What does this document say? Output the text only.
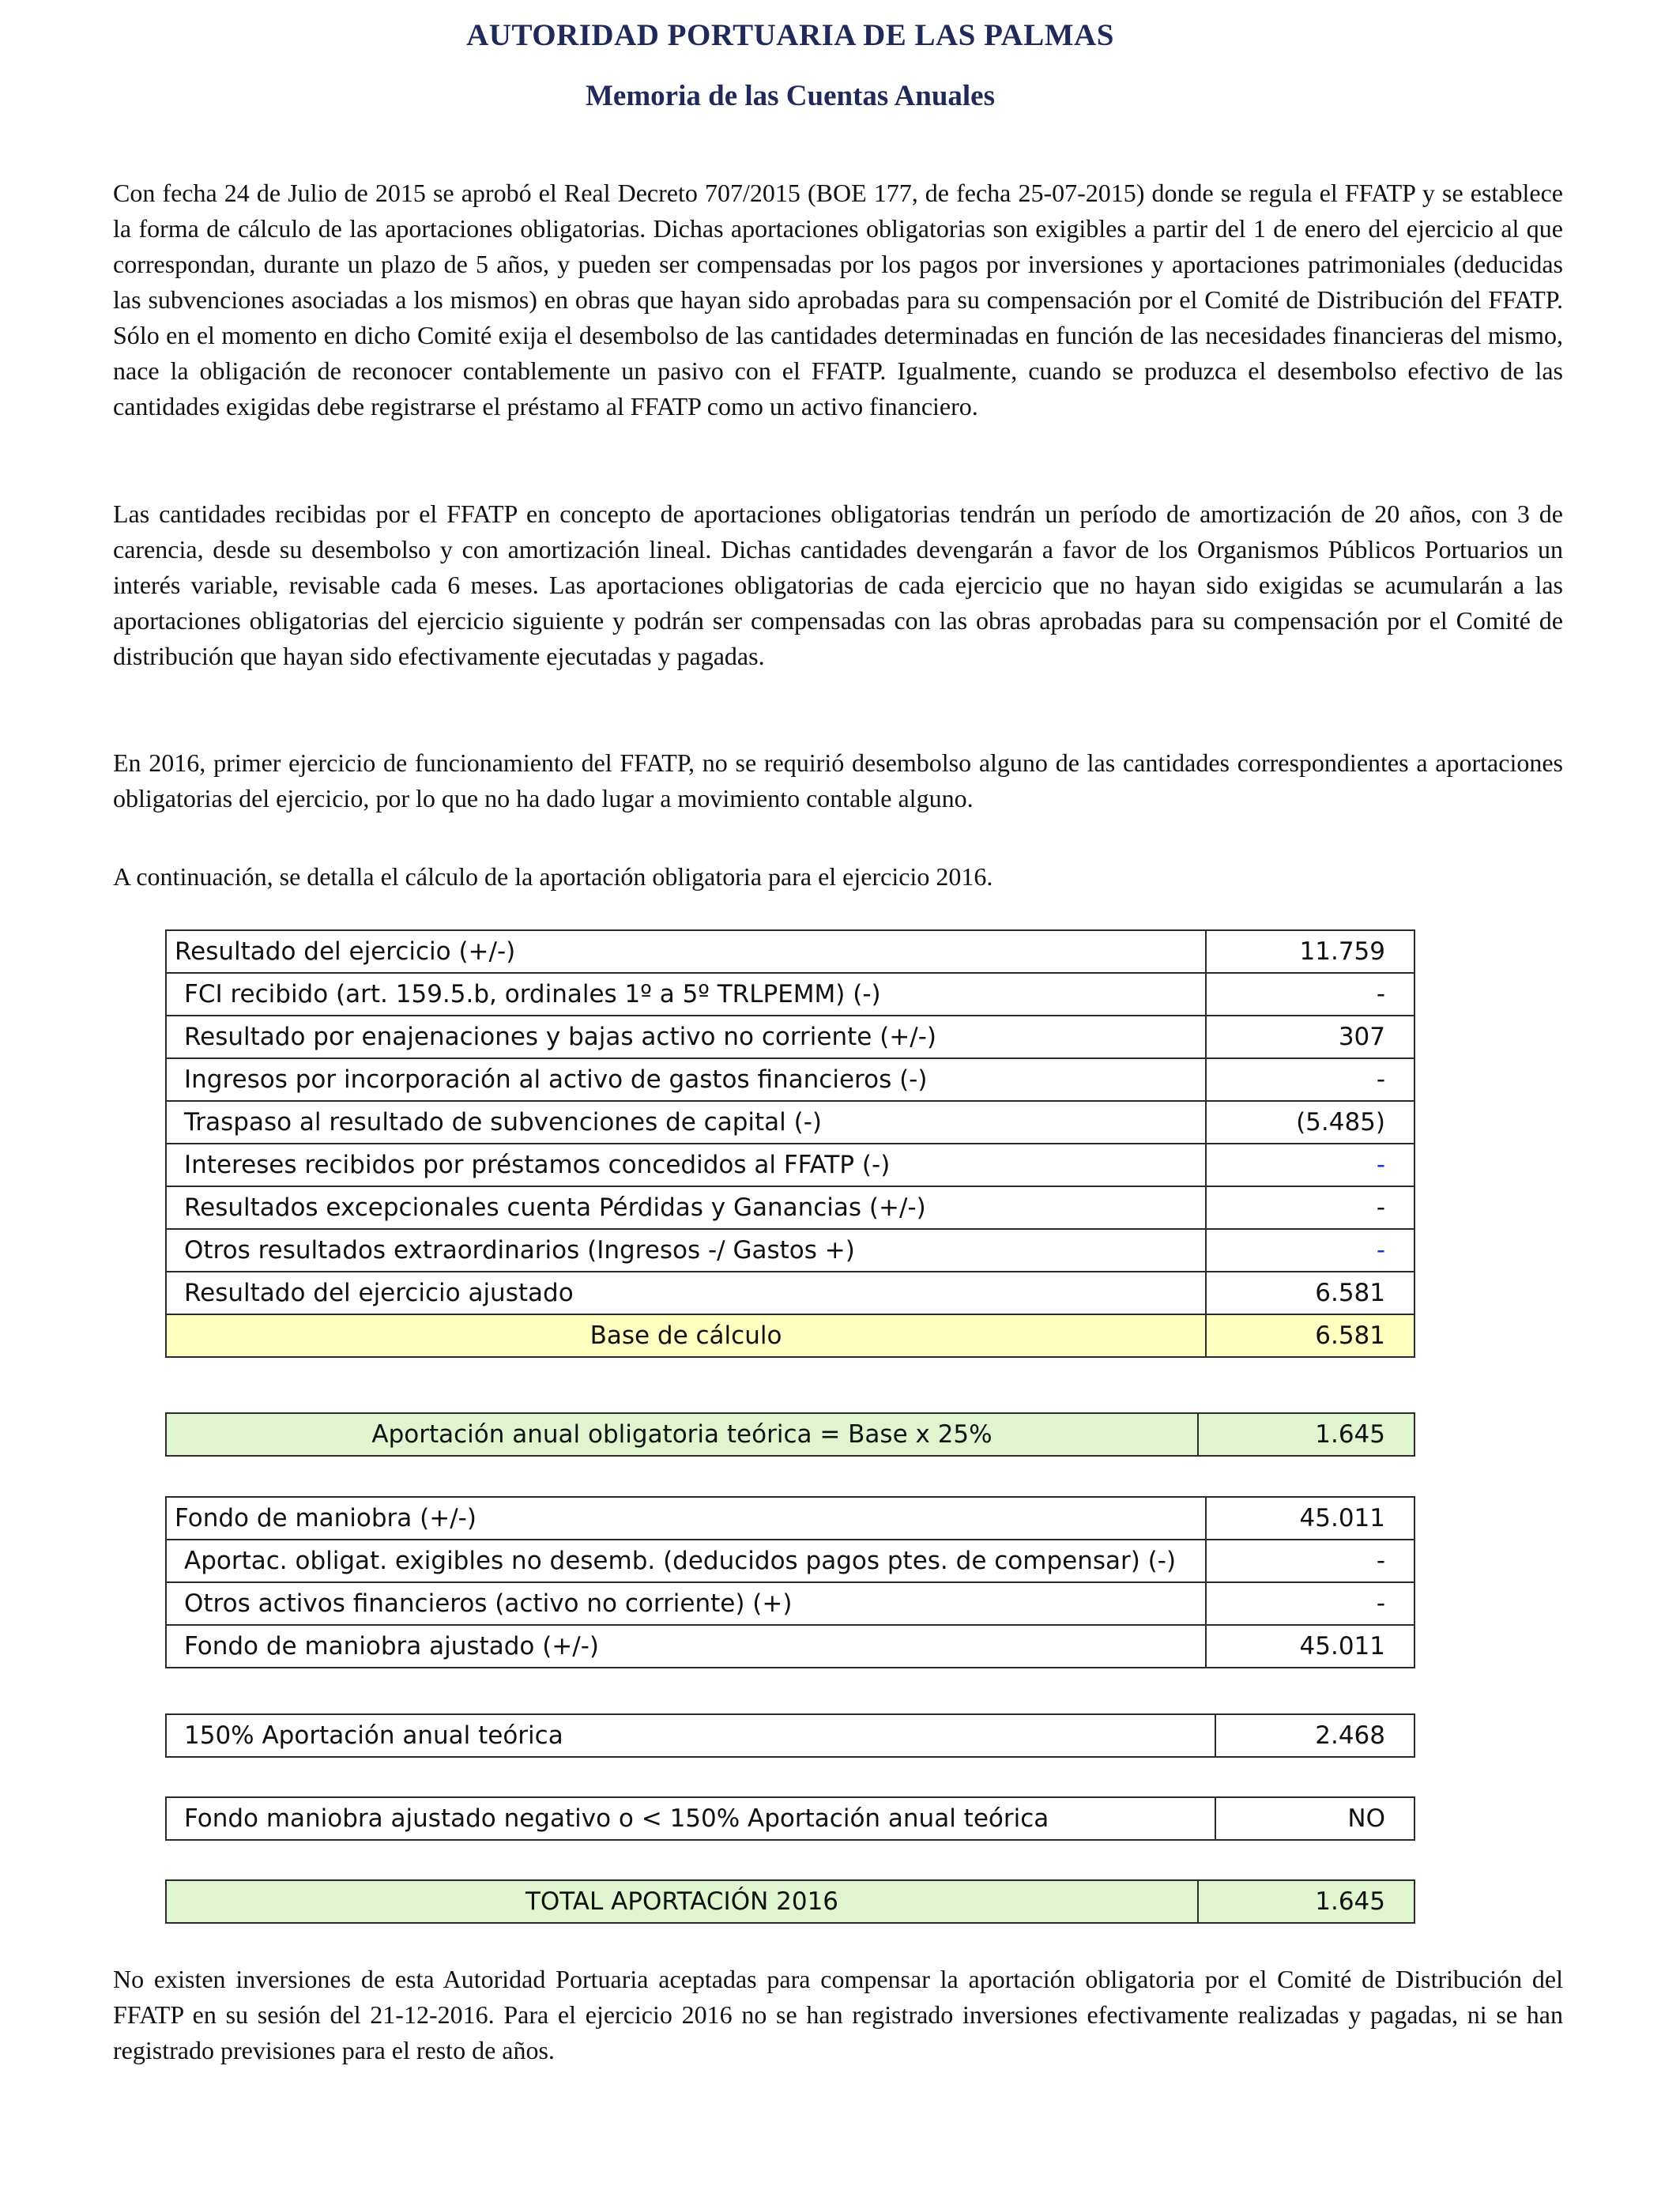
AUTORIDAD PORTUARIA DE LAS PALMAS
Memoria de las Cuentas Anuales

Con fecha 24 de Julio de 2015 se aprobó el Real Decreto 707/2015 (BOE 177, de fecha 25-07-2015) donde se regula el FFATP y se establece la forma de cálculo de las aportaciones obligatorias. Dichas aportaciones obligatorias son exigibles a partir del 1 de enero del ejercicio al que correspondan, durante un plazo de 5 años, y pueden ser compensadas por los pagos por inversiones y aportaciones patrimoniales (deducidas las subvenciones asociadas a los mismos) en obras que hayan sido aprobadas para su compensación por el Comité de Distribución del FFATP. Sólo en el momento en dicho Comité exija el desembolso de las cantidades determinadas en función de las necesidades financieras del mismo, nace la obligación de reconocer contablemente un pasivo con el FFATP. Igualmente, cuando se produzca el desembolso efectivo de las cantidades exigidas debe registrarse el préstamo al FFATP como un activo financiero.

Las cantidades recibidas por el FFATP en concepto de aportaciones obligatorias tendrán un período de amortización de 20 años, con 3 de carencia, desde su desembolso y con amortización lineal. Dichas cantidades devengarán a favor de los Organismos Públicos Portuarios un interés variable, revisable cada 6 meses. Las aportaciones obligatorias de cada ejercicio que no hayan sido exigidas se acumularán a las aportaciones obligatorias del ejercicio siguiente y podrán ser compensadas con las obras aprobadas para su compensación por el Comité de distribución que hayan sido efectivamente ejecutadas y pagadas.

En 2016, primer ejercicio de funcionamiento del FFATP, no se requirió desembolso alguno de las cantidades correspondientes a aportaciones obligatorias del ejercicio, por lo que no ha dado lugar a movimiento contable alguno.

A continuación, se detalla el cálculo de la aportación obligatoria para el ejercicio 2016.

Resultado del ejercicio (+/-)	11.759
FCI recibido (art. 159.5.b, ordinales 1º a 5º TRLPEMM) (-)	-
Resultado por enajenaciones y bajas activo no corriente (+/-)	307
Ingresos por incorporación al activo de gastos financieros (-)	-
Traspaso al resultado de subvenciones de capital (-)	(5.485)
Intereses recibidos por préstamos concedidos al FFATP (-)	-
Resultados excepcionales cuenta Pérdidas y Ganancias (+/-)	-
Otros resultados extraordinarios (Ingresos -/ Gastos +)	-
Resultado del ejercicio ajustado	6.581
Base de cálculo	6.581
Aportación anual obligatoria teórica = Base x 25%	1.645
Fondo de maniobra (+/-)	45.011
Aportac. obligat. exigibles no desemb. (deducidos pagos ptes. de compensar) (-)	-
Otros activos financieros (activo no corriente) (+)	-
Fondo de maniobra ajustado (+/-)	45.011
150% Aportación anual teórica	2.468
Fondo maniobra ajustado negativo o < 150% Aportación anual teórica	NO
TOTAL APORTACIÓN 2016	1.645

No existen inversiones de esta Autoridad Portuaria aceptadas para compensar la aportación obligatoria por el Comité de Distribución del FFATP en su sesión del 21-12-2016. Para el ejercicio 2016 no se han registrado inversiones efectivamente realizadas y pagadas, ni se han registrado previsiones para el resto de años.
